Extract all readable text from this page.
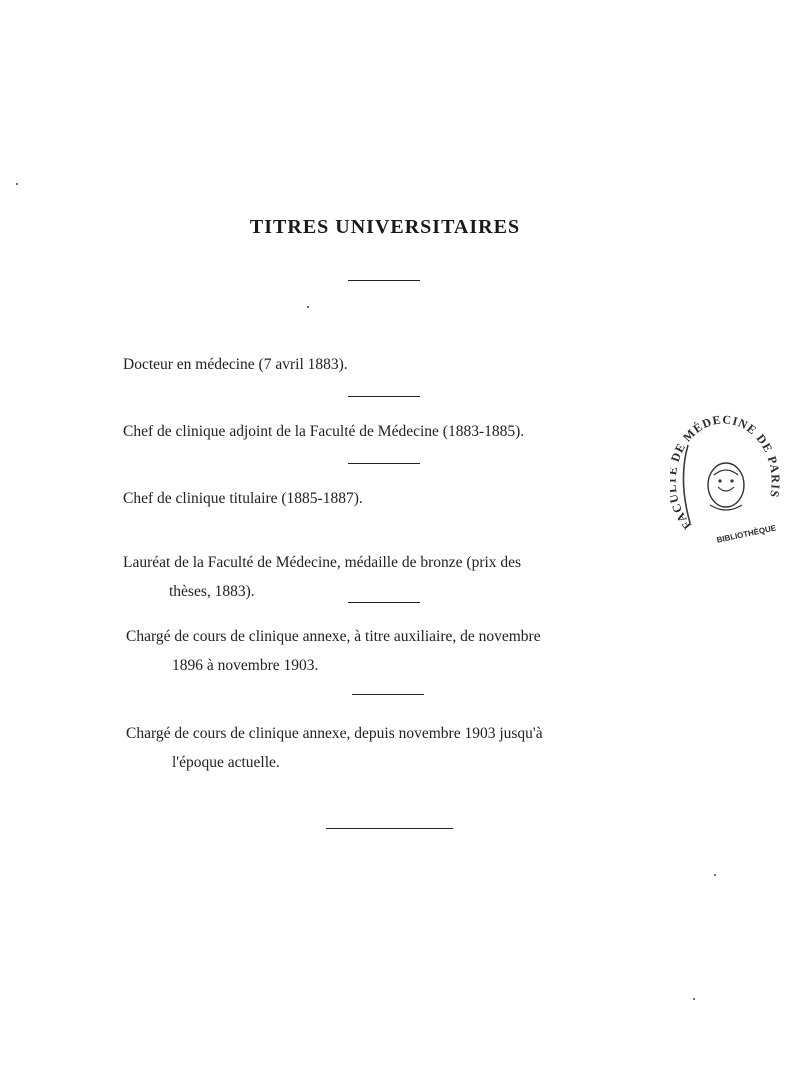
TITRES UNIVERSITAIRES
Docteur en médecine (7 avril 1883).
Chef de clinique adjoint de la Faculté de Médecine (1883-1885).
Chef de clinique titulaire (1885-1887).
Lauréat de la Faculté de Médecine, médaille de bronze (prix des
thèses, 1883).
Chargé de cours de clinique annexe, à titre auxiliaire, de novembre
1896 à novembre 1903.
Chargé de cours de clinique annexe, depuis novembre 1903 jusqu'à
l'époque actuelle.
FAC E MÉDECINE DE PARIS
BIBLIOTHÈQUE
